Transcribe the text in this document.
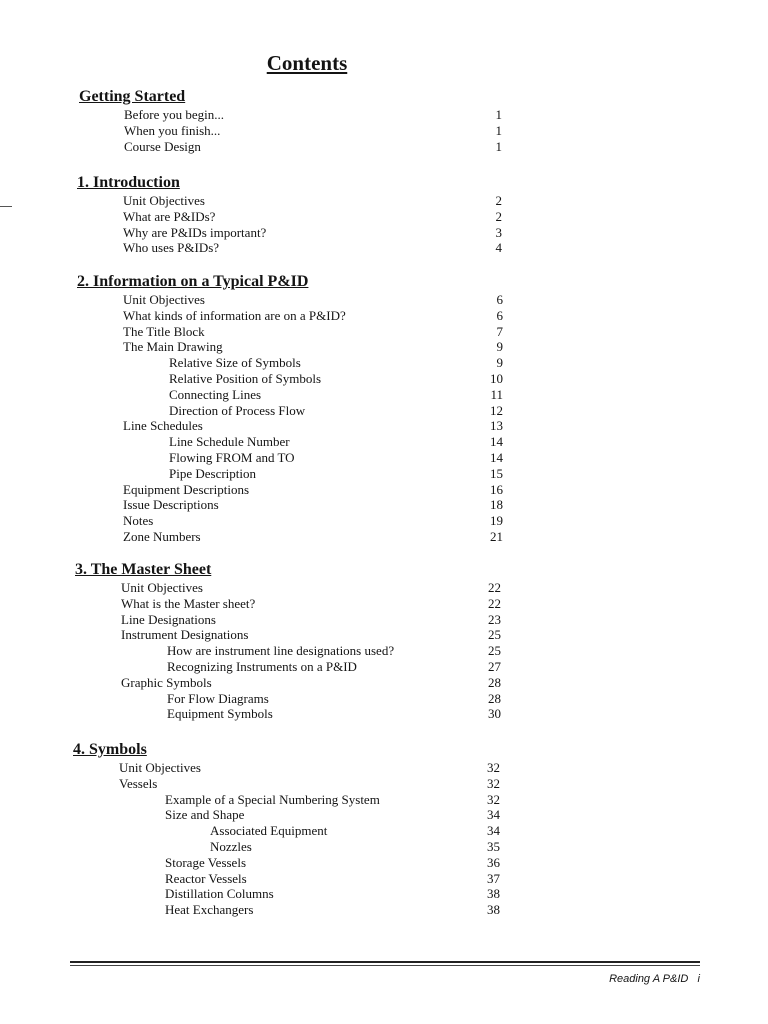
Contents
Getting Started
Before you begin...	1
When you finish...	1
Course Design	1
1. Introduction
Unit Objectives	2
What are P&IDs?	2
Why are P&IDs important?	3
Who uses P&IDs?	4
2. Information on a Typical P&ID
Unit Objectives	6
What kinds of information are on a P&ID?	6
The Title Block	7
The Main Drawing	9
Relative Size of Symbols	9
Relative Position of Symbols	10
Connecting Lines	11
Direction of Process Flow	12
Line Schedules	13
Line Schedule Number	14
Flowing FROM and TO	14
Pipe Description	15
Equipment Descriptions	16
Issue Descriptions	18
Notes	19
Zone Numbers	21
3. The Master Sheet
Unit Objectives	22
What is the Master sheet?	22
Line Designations	23
Instrument Designations	25
How are instrument line designations used?	25
Recognizing Instruments on a P&ID	27
Graphic Symbols	28
For Flow Diagrams	28
Equipment Symbols	30
4. Symbols
Unit Objectives	32
Vessels	32
Example of a Special Numbering System	32
Size and Shape	34
Associated Equipment	34
Nozzles	35
Storage Vessels	36
Reactor Vessels	37
Distillation Columns	38
Heat Exchangers	38
Reading A P&ID i
